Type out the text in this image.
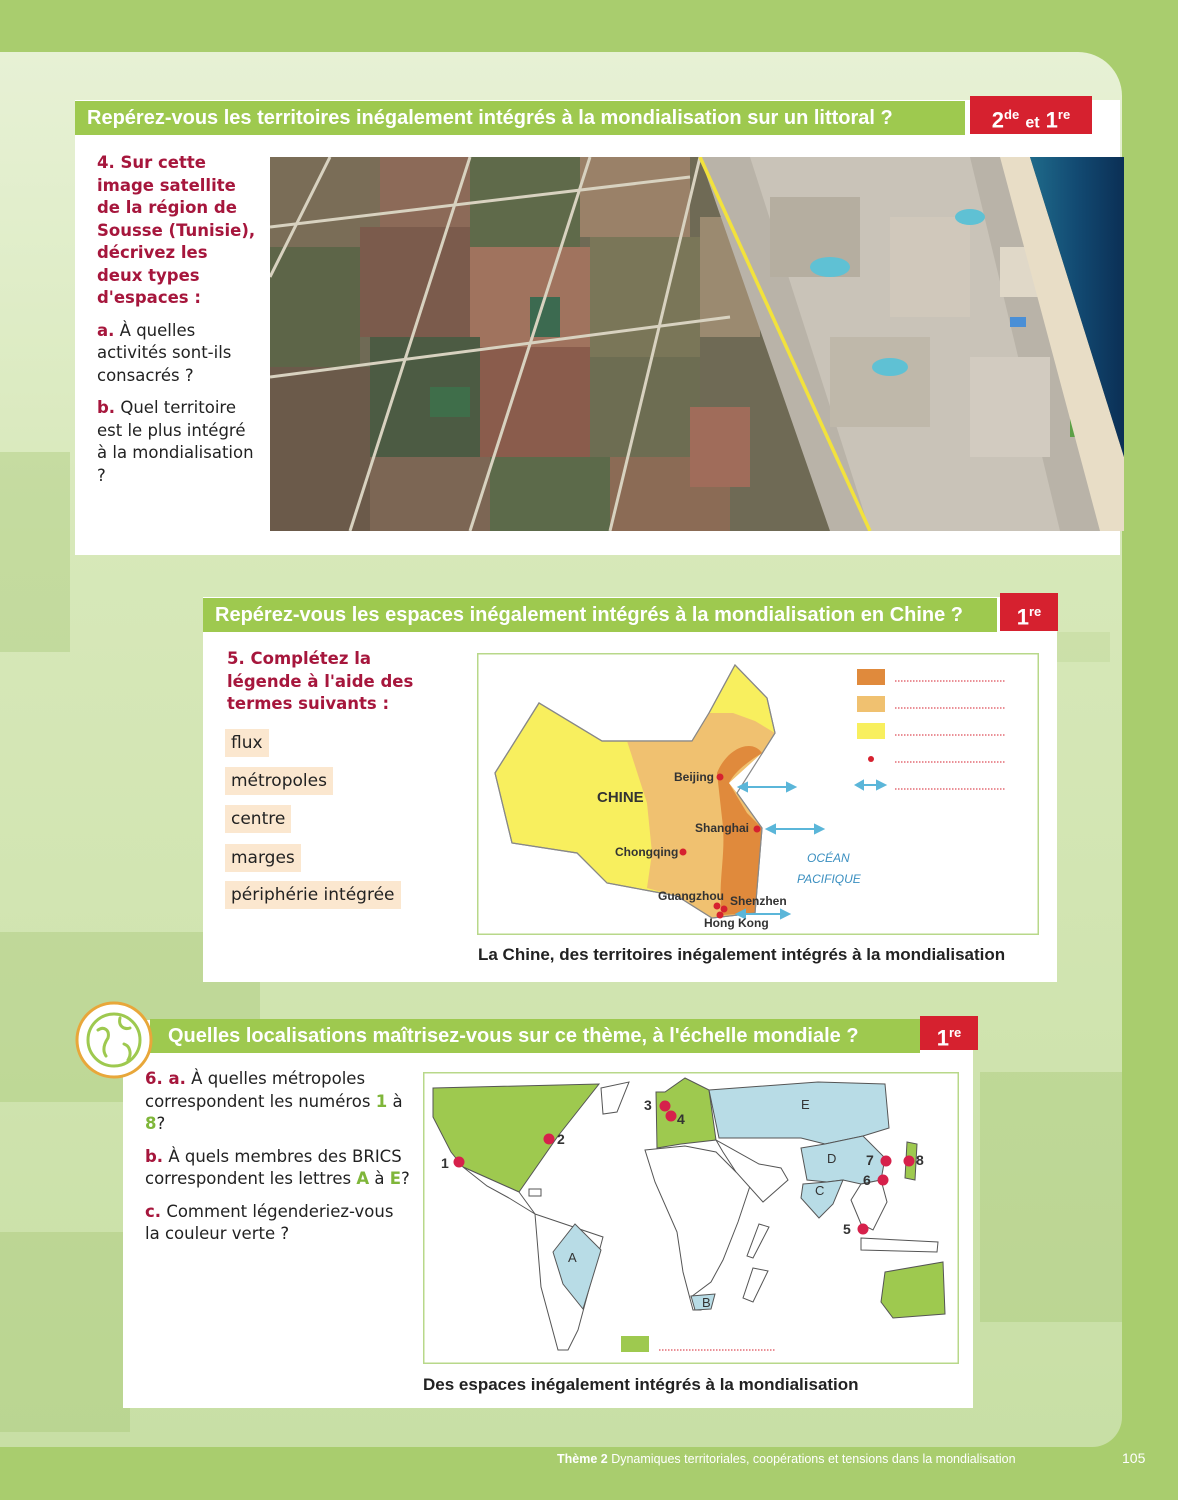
Repérez-vous les territoires inégalement intégrés à la mondialisation sur un littoral ?	2de et 1re

4. Sur cette image satellite de la région de Sousse (Tunisie), décrivez les deux types d'espaces :

a. À quelles activités sont-ils consacrés ?

b. Quel territoire est le plus intégré à la mondialisation ?

Repérez-vous les espaces inégalement intégrés à la mondialisation en Chine ?	1re

5. Complétez la légende à l'aide des termes suivants :

flux
métropoles
centre
marges
périphérie intégrée
CHINE
Beijing
Shanghai
Chongqing
Guangzhou Shenzhen
Hong Kong
OCÉAN
PACIFIQUE
La Chine, des territoires inégalement intégrés à la mondialisation
Quelles localisations maîtrisez-vous sur ce thème, à l'échelle mondiale ?	1re

6. a. À quelles métropoles correspondent les numéros 1 à 8?

b. À quels membres des BRICS correspondent les lettres A à E?

c. Comment légenderiez-vous la couleur verte ?

1
2
3
4
5
6
7	8
A
B
C
D
E
Des espaces inégalement intégrés à la mondialisation
Thème 2 Dynamiques territoriales, coopérations et tensions dans la mondialisation	105
